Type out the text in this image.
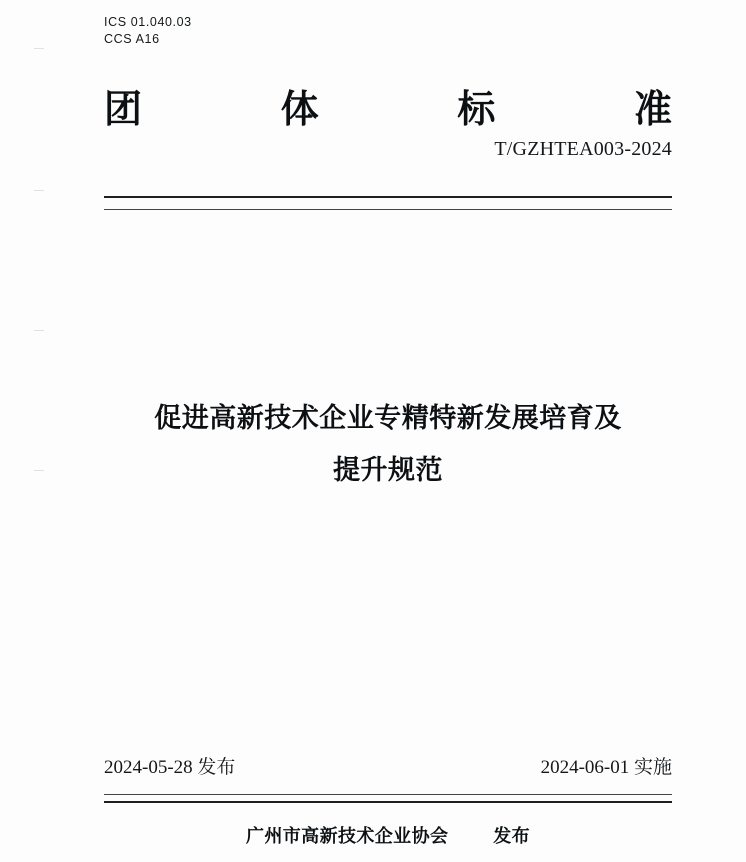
ICS 01.040.03
CCS A16
团	体	标	准
T/GZHTEA003-2024
促进高新技术企业专精特新发展培育及
提升规范
2024-05-28 发布	2024-06-01 实施
广州市高新技术企业协会 发布
